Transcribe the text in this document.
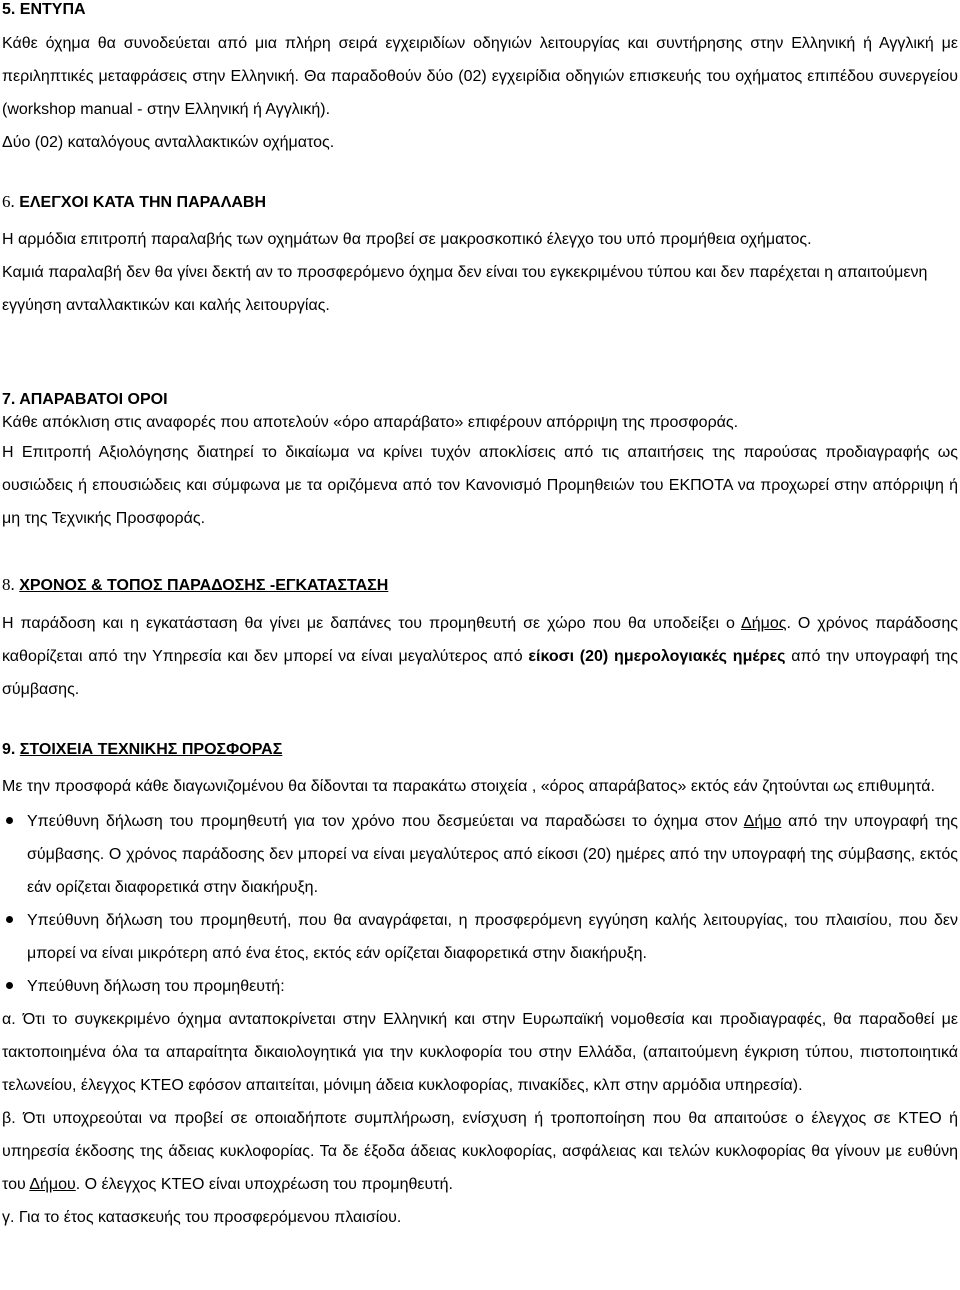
5. ΕΝΤΥΠΑ

Κάθε όχημα θα συνοδεύεται από μια πλήρη σειρά εγχειριδίων οδηγιών λειτουργίας και συντήρησης στην Ελληνική ή Αγγλική με περιληπτικές μεταφράσεις στην Ελληνική. Θα παραδοθούν δύο (02) εγχειρίδια οδηγιών επισκευής του οχήματος επιπέδου συνεργείου (workshop manual - στην Ελληνική ή Αγγλική).

Δύο (02) καταλόγους ανταλλακτικών οχήματος.

6. ΕΛΕΓΧΟΙ ΚΑΤΑ ΤΗΝ ΠΑΡΑΛΑΒΗ

Η αρμόδια επιτροπή παραλαβής των οχημάτων θα προβεί σε μακροσκοπικό έλεγχο του υπό προμήθεια οχήματος.

Καμιά παραλαβή δεν θα γίνει δεκτή αν το προσφερόμενο όχημα δεν είναι του εγκεκριμένου τύπου και δεν παρέχεται η απαιτούμενη εγγύηση ανταλλακτικών και καλής λειτουργίας.

7. ΑΠΑΡΑΒΑΤΟΙ ΟΡΟΙ

Κάθε απόκλιση στις αναφορές που αποτελούν «όρο απαράβατο» επιφέρουν απόρριψη της προσφοράς.

Η Επιτροπή Αξιολόγησης διατηρεί το δικαίωμα να κρίνει τυχόν αποκλίσεις από τις απαιτήσεις της παρούσας προδιαγραφής ως ουσιώδεις ή επουσιώδεις και σύμφωνα με τα οριζόμενα από τον Κανονισμό Προμηθειών του ΕΚΠΟΤΑ να προχωρεί στην απόρριψη ή μη της Τεχνικής Προσφοράς.

8. ΧΡΟΝΟΣ & ΤΟΠΟΣ ΠΑΡΑΔΟΣΗΣ -ΕΓΚΑΤΑΣΤΑΣΗ

Η παράδοση και η εγκατάσταση θα γίνει με δαπάνες του προμηθευτή σε χώρο που θα υποδείξει ο Δήμος. Ο χρόνος παράδοσης καθορίζεται από την Υπηρεσία και δεν μπορεί να είναι μεγαλύτερος από είκοσι (20) ημερολογιακές ημέρες από την υπογραφή της σύμβασης.

9. ΣΤΟΙΧΕΙΑ ΤΕΧΝΙΚΗΣ ΠΡΟΣΦΟΡΑΣ

Με την προσφορά κάθε διαγωνιζομένου θα δίδονται τα παρακάτω στοιχεία , «όρος απαράβατος» εκτός εάν ζητούνται ως επιθυμητά.

Υπεύθυνη δήλωση του προμηθευτή για τον χρόνο που δεσμεύεται να παραδώσει το όχημα στον Δήμο από την υπογραφή της σύμβασης. Ο χρόνος παράδοσης δεν μπορεί να είναι μεγαλύτερος από είκοσι (20) ημέρες από την υπογραφή της σύμβασης, εκτός εάν ορίζεται διαφορετικά στην διακήρυξη.
Υπεύθυνη δήλωση του προμηθευτή, που θα αναγράφεται, η προσφερόμενη εγγύηση καλής λειτουργίας, του πλαισίου, που δεν μπορεί να είναι μικρότερη από ένα έτος, εκτός εάν ορίζεται διαφορετικά στην διακήρυξη.
Υπεύθυνη δήλωση του προμηθευτή:

α. Ότι το συγκεκριμένο όχημα ανταποκρίνεται στην Ελληνική και στην Ευρωπαϊκή νομοθεσία και προδιαγραφές, θα παραδοθεί με τακτοποιημένα όλα τα απαραίτητα δικαιολογητικά για την κυκλοφορία του στην Ελλάδα, (απαιτούμενη έγκριση τύπου, πιστοποιητικά τελωνείου, έλεγχος ΚΤΕΟ εφόσον απαιτείται, μόνιμη άδεια κυκλοφορίας, πινακίδες, κλπ στην αρμόδια υπηρεσία).

β. Ότι υποχρεούται να προβεί σε οποιαδήποτε συμπλήρωση, ενίσχυση ή τροποποίηση που θα απαιτούσε ο έλεγχος σε ΚΤΕΟ ή υπηρεσία έκδοσης της άδειας κυκλοφορίας. Τα δε έξοδα άδειας κυκλοφορίας, ασφάλειας και τελών κυκλοφορίας θα γίνουν με ευθύνη του Δήμου. Ο έλεγχος ΚΤΕΟ είναι υποχρέωση του προμηθευτή.

γ. Για το έτος κατασκευής του προσφερόμενου πλαισίου.
